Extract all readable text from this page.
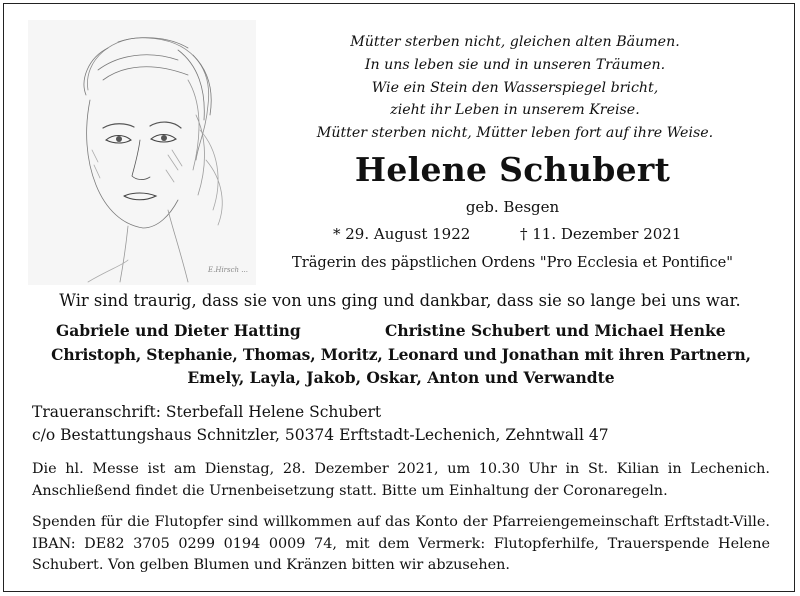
E.Hirsch ...
Mütter sterben nicht, gleichen alten Bäumen.
In uns leben sie und in unseren Träumen.
Wie ein Stein den Wasserspiegel bricht,
zieht ihr Leben in unserem Kreise.
Mütter sterben nicht, Mütter leben fort auf ihre Weise.
Helene Schubert
geb. Besgen
* 29. August 1922	† 11. Dezember 2021
Trägerin des päpstlichen Ordens "Pro Ecclesia et Pontifice"
Wir sind traurig, dass sie von uns ging und dankbar, dass sie so lange bei uns war.
Gabriele und Dieter Hatting	Christine Schubert und Michael Henke
Christoph, Stephanie, Thomas, Moritz, Leonard und Jonathan mit ihren Partnern,
Emely, Layla, Jakob, Oskar, Anton und Verwandte
Traueranschrift: Sterbefall Helene Schubert
c/o Bestattungshaus Schnitzler, 50374 Erftstadt-Lechenich, Zehntwall 47
Die hl. Messe ist am Dienstag, 28. Dezember 2021, um 10.30 Uhr in St. Kilian in Lechenich. Anschließend findet die Urnenbeisetzung statt. Bitte um Einhaltung der Coronaregeln.
Spenden für die Flutopfer sind willkommen auf das Konto der Pfarreiengemeinschaft Erftstadt-Ville. IBAN: DE82 3705 0299 0194 0009 74, mit dem Vermerk: Flutopferhilfe, Trauerspende Helene Schubert. Von gelben Blumen und Kränzen bitten wir abzusehen.
